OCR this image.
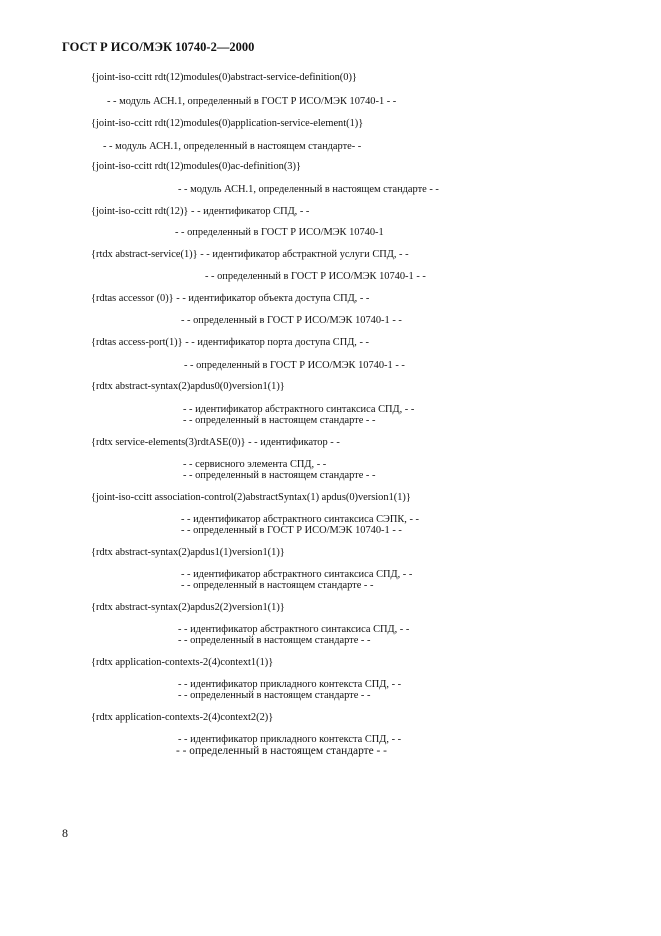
ГОСТ Р ИСО/МЭК 10740-2—2000
{joint-iso-ccitt rdt(12)modules(0)abstract-service-definition(0)}
- - модуль АСН.1, определенный в ГОСТ Р ИСО/МЭК 10740-1 - -
{joint-iso-ccitt rdt(12)modules(0)application-service-element(1)}
- - модуль АСН.1, определенный в настоящем стандарте- -
{joint-iso-ccitt rdt(12)modules(0)ac-definition(3)}
- - модуль АСН.1, определенный в настоящем стандарте - -
{joint-iso-ccitt rdt(12)} - - идентификатор СПД, - -
- - определенный в ГОСТ Р ИСО/МЭК 10740-1
{rtdx abstract-service(1)} - - идентификатор абстрактной услуги СПД, - -
- - определенный в ГОСТ Р ИСО/МЭК 10740-1 - -
{rdtas accessor (0)} - - идентификатор объекта доступа СПД, - -
- - определенный в ГОСТ Р ИСО/МЭК 10740-1 - -
{rdtas access-port(1)} - - идентификатор порта доступа СПД, - -
- - определенный в ГОСТ Р ИСО/МЭК 10740-1 - -
{rdtx abstract-syntax(2)apdus0(0)version1(1)}
- - идентификатор абстрактного синтаксиса СПД, - -
- - определенный в настоящем стандарте - -
{rdtx service-elements(3)rdtASE(0)} - - идентификатор - -
- - сервисного элемента СПД, - -
- - определенный в настоящем стандарте - -
{joint-iso-ccitt association-control(2)abstractSyntax(1) apdus(0)version1(1)}
- - идентификатор абстрактного синтаксиса СЭПК, - -
- - определенный в ГОСТ Р ИСО/МЭК 10740-1 - -
{rdtx abstract-syntax(2)apdus1(1)version1(1)}
- - идентификатор абстрактного синтаксиса СПД, - -
- - определенный в настоящем стандарте - -
{rdtx abstract-syntax(2)apdus2(2)version1(1)}
- - идентификатор абстрактного синтаксиса СПД, - -
- - определенный в настоящем стандарте - -
{rdtx application-contexts-2(4)context1(1)}
- - идентификатор прикладного контекста СПД, - -
- - определенный в настоящем стандарте - -
{rdtx application-contexts-2(4)context2(2)}
- - идентификатор прикладного контекста СПД, - -
- - определенный в настоящем стандарте - -
8
